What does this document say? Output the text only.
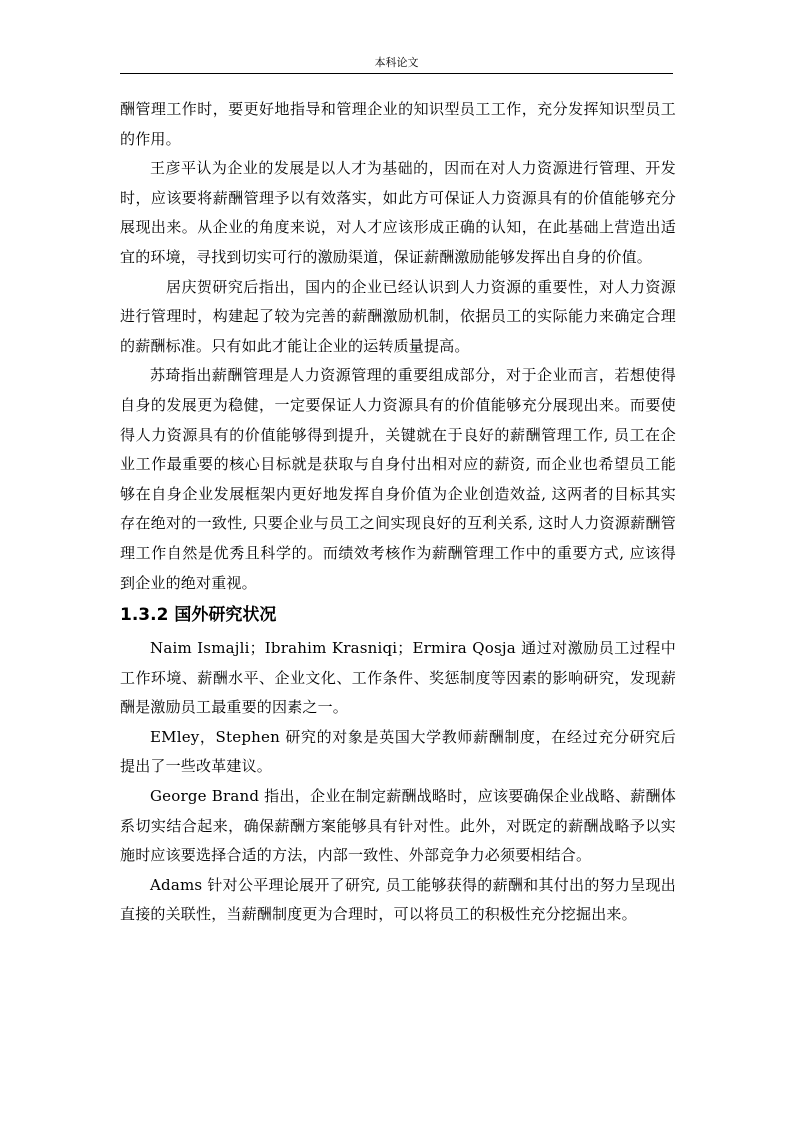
本科论文

酬管理工作时，要更好地指导和管理企业的知识型员工工作，充分发挥知识型员工的作用。

王彦平认为企业的发展是以人才为基础的，因而在对人力资源进行管理、开发时，应该要将薪酬管理予以有效落实，如此方可保证人力资源具有的价值能够充分展现出来。从企业的角度来说，对人才应该形成正确的认知，在此基础上营造出适宜的环境，寻找到切实可行的激励渠道，保证薪酬激励能够发挥出自身的价值。

居庆贺研究后指出，国内的企业已经认识到人力资源的重要性，对人力资源进行管理时，构建起了较为完善的薪酬激励机制，依据员工的实际能力来确定合理的薪酬标准。只有如此才能让企业的运转质量提高。

苏琦指出薪酬管理是人力资源管理的重要组成部分，对于企业而言，若想使得自身的发展更为稳健，一定要保证人力资源具有的价值能够充分展现出来。而要使得人力资源具有的价值能够得到提升，关键就在于良好的薪酬管理工作, 员工在企业工作最重要的核心目标就是获取与自身付出相对应的薪资, 而企业也希望员工能够在自身企业发展框架内更好地发挥自身价值为企业创造效益, 这两者的目标其实存在绝对的一致性, 只要企业与员工之间实现良好的互利关系, 这时人力资源薪酬管理工作自然是优秀且科学的。而绩效考核作为薪酬管理工作中的重要方式, 应该得到企业的绝对重视。

1.3.2 国外研究状况

Naim Ismajli；Ibrahim Krasniqi；Ermira Qosja 通过对激励员工过程中工作环境、薪酬水平、企业文化、工作条件、奖惩制度等因素的影响研究，发现薪酬是激励员工最重要的因素之一。

EMley，Stephen 研究的对象是英国大学教师薪酬制度，在经过充分研究后提出了一些改革建议。

George Brand 指出，企业在制定薪酬战略时，应该要确保企业战略、薪酬体系切实结合起来，确保薪酬方案能够具有针对性。此外，对既定的薪酬战略予以实施时应该要选择合适的方法，内部一致性、外部竞争力必须要相结合。

Adams 针对公平理论展开了研究, 员工能够获得的薪酬和其付出的努力呈现出直接的关联性，当薪酬制度更为合理时，可以将员工的积极性充分挖掘出来。
